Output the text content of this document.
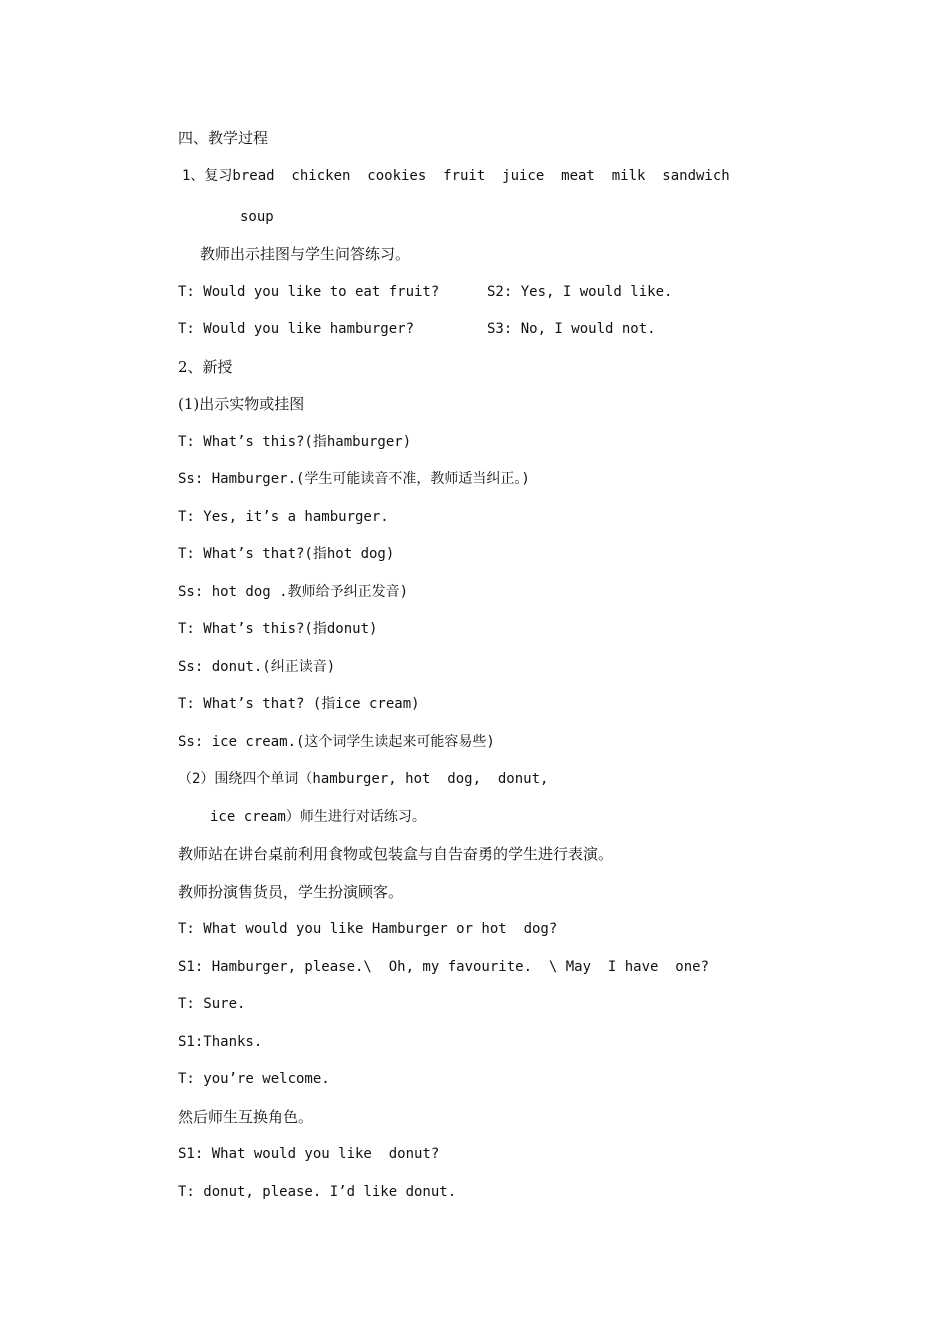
四、教学过程
1、复习bread  chicken  cookies  fruit  juice  meat  milk  sandwich
soup
教师出示挂图与学生问答练习。
T: Would you like to eat fruit?	S2: Yes, I would like.
T: Would you like hamburger?	S3: No, I would not.
2、新授
(1)出示实物或挂图
T: What’s this?(指hamburger)
Ss: Hamburger.(学生可能读音不准，教师适当纠正。)
T: Yes, it’s a hamburger.
T: What’s that?(指hot dog)
Ss: hot dog .教师给予纠正发音)
T: What’s this?(指donut)
Ss: donut.(纠正读音)
T: What’s that? (指ice cream)
Ss: ice cream.(这个词学生读起来可能容易些)
（2）围绕四个单词（hamburger, hot  dog,  donut,
ice cream）师生进行对话练习。
教师站在讲台桌前利用食物或包装盒与自告奋勇的学生进行表演。
教师扮演售货员，学生扮演顾客。
T: What would you like Hamburger or hot  dog?
S1: Hamburger, please.\  Oh, my favourite.  \ May  I have  one?
T: Sure.
S1:Thanks.
T: you’re welcome.
然后师生互换角色。
S1: What would you like  donut?
T: donut, please. I’d like donut.
